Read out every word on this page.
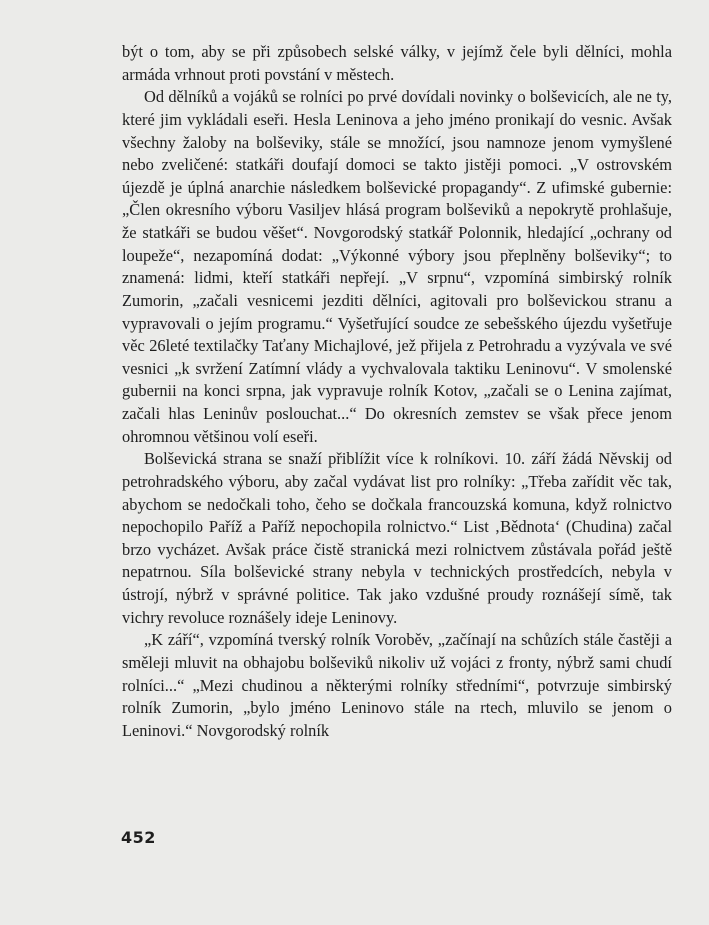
být o tom, aby se při způsobech selské války, v jejímž čele byli dělníci, mohla armáda vrhnout proti povstání v městech.

Od dělníků a vojáků se rolníci po prvé dovídali novinky o bolševicích, ale ne ty, které jim vykládali eseři. Hesla Leninova a jeho jméno pronikají do vesnic. Avšak všechny žaloby na bolševiky, stále se množící, jsou namnoze jenom vymyšlené nebo zveličené: statkáři doufají domoci se takto jistěji pomoci. „V ostrovském újezdě je úplná anarchie následkem bolševické propagandy“. Z ufimské gubernie: „Člen okresního výboru Vasiljev hlásá program bolševiků a nepokrytě prohlašuje, že statkáři se budou věšet“. Novgorodský statkář Polonnik, hledající „ochrany od loupeže“, nezapomíná dodat: „Výkonné výbory jsou přeplněny bolševiky“; to znamená: lidmi, kteří statkáři nepřejí. „V srpnu“, vzpomíná simbirský rolník Zumorin, „začali vesnicemi jezditi dělníci, agitovali pro bolševickou stranu a vypravovali o jejím programu.“ Vyšetřující soudce ze sebešského újezdu vyšetřuje věc 26leté textilačky Taťany Michajlové, jež přijela z Petrohradu a vyzývala ve své vesnici „k svržení Zatímní vlády a vychvalovala taktiku Leninovu“. V smolenské gubernii na konci srpna, jak vypravuje rolník Kotov, „začali se o Lenina zajímat, začali hlas Leninův poslouchat...“ Do okresních zemstev se však přece jenom ohromnou většinou volí eseři.

Bolševická strana se snaží přiblížit více k rolníkovi. 10. září žádá Něvskij od petrohradského výboru, aby začal vydávat list pro rolníky: „Třeba zařídit věc tak, abychom se nedočkali toho, čeho se dočkala francouzská komuna, když rolnictvo nepochopilo Paříž a Paříž nepochopila rolnictvo.“ List ‚Bědnota‘ (Chudina) začal brzo vycházet. Avšak práce čistě stranická mezi rolnictvem zůstávala pořád ještě nepatrnou. Síla bolševické strany nebyla v technických prostředcích, nebyla v ústrojí, nýbrž v správné politice. Tak jako vzdušné proudy roznášejí símě, tak vichry revoluce roznášely ideje Leninovy.

„K září“, vzpomíná tverský rolník Voroběv, „začínají na schůzích stále častěji a směleji mluvit na obhajobu bolševiků nikoliv už vojáci z fronty, nýbrž sami chudí rolníci...“ „Mezi chudinou a některými rolníky středními“, potvrzuje simbirský rolník Zumorin, „bylo jméno Leninovo stále na rtech, mluvilo se jenom o Leninovi.“ Novgorodský rolník

452
